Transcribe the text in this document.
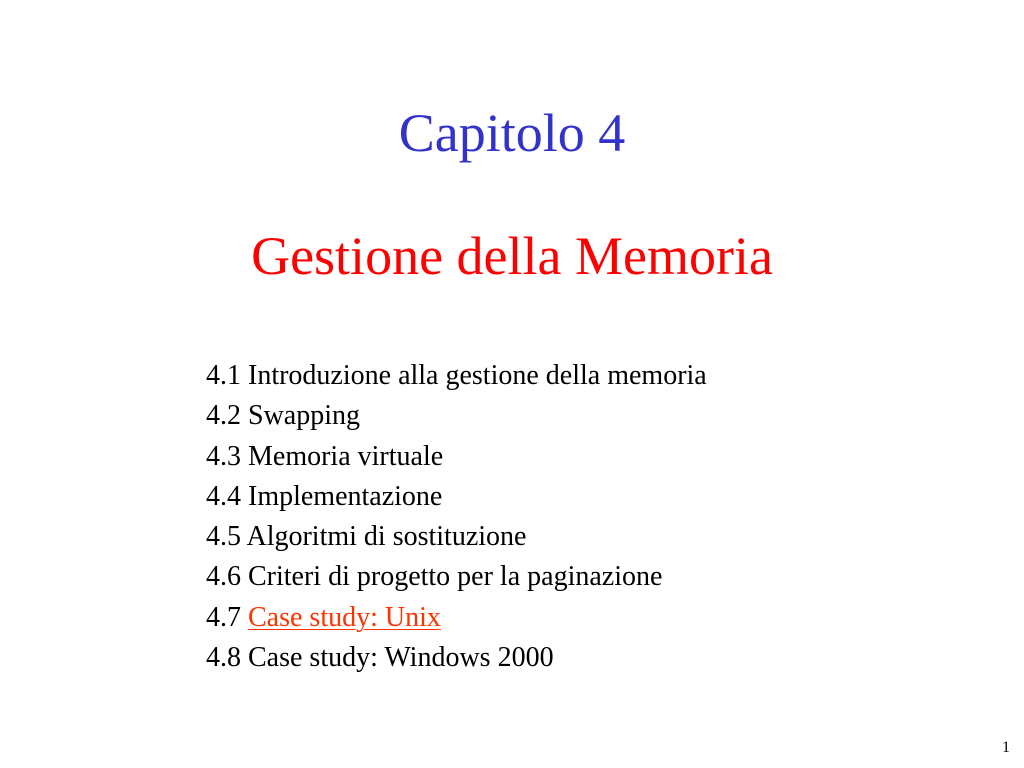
Capitolo 4
Gestione della Memoria
4.1 Introduzione alla gestione della memoria
4.2 Swapping
4.3 Memoria virtuale
4.4 Implementazione
4.5 Algoritmi di sostituzione
4.6 Criteri di progetto per la paginazione
4.7 Case study: Unix
4.8 Case study: Windows 2000
1
